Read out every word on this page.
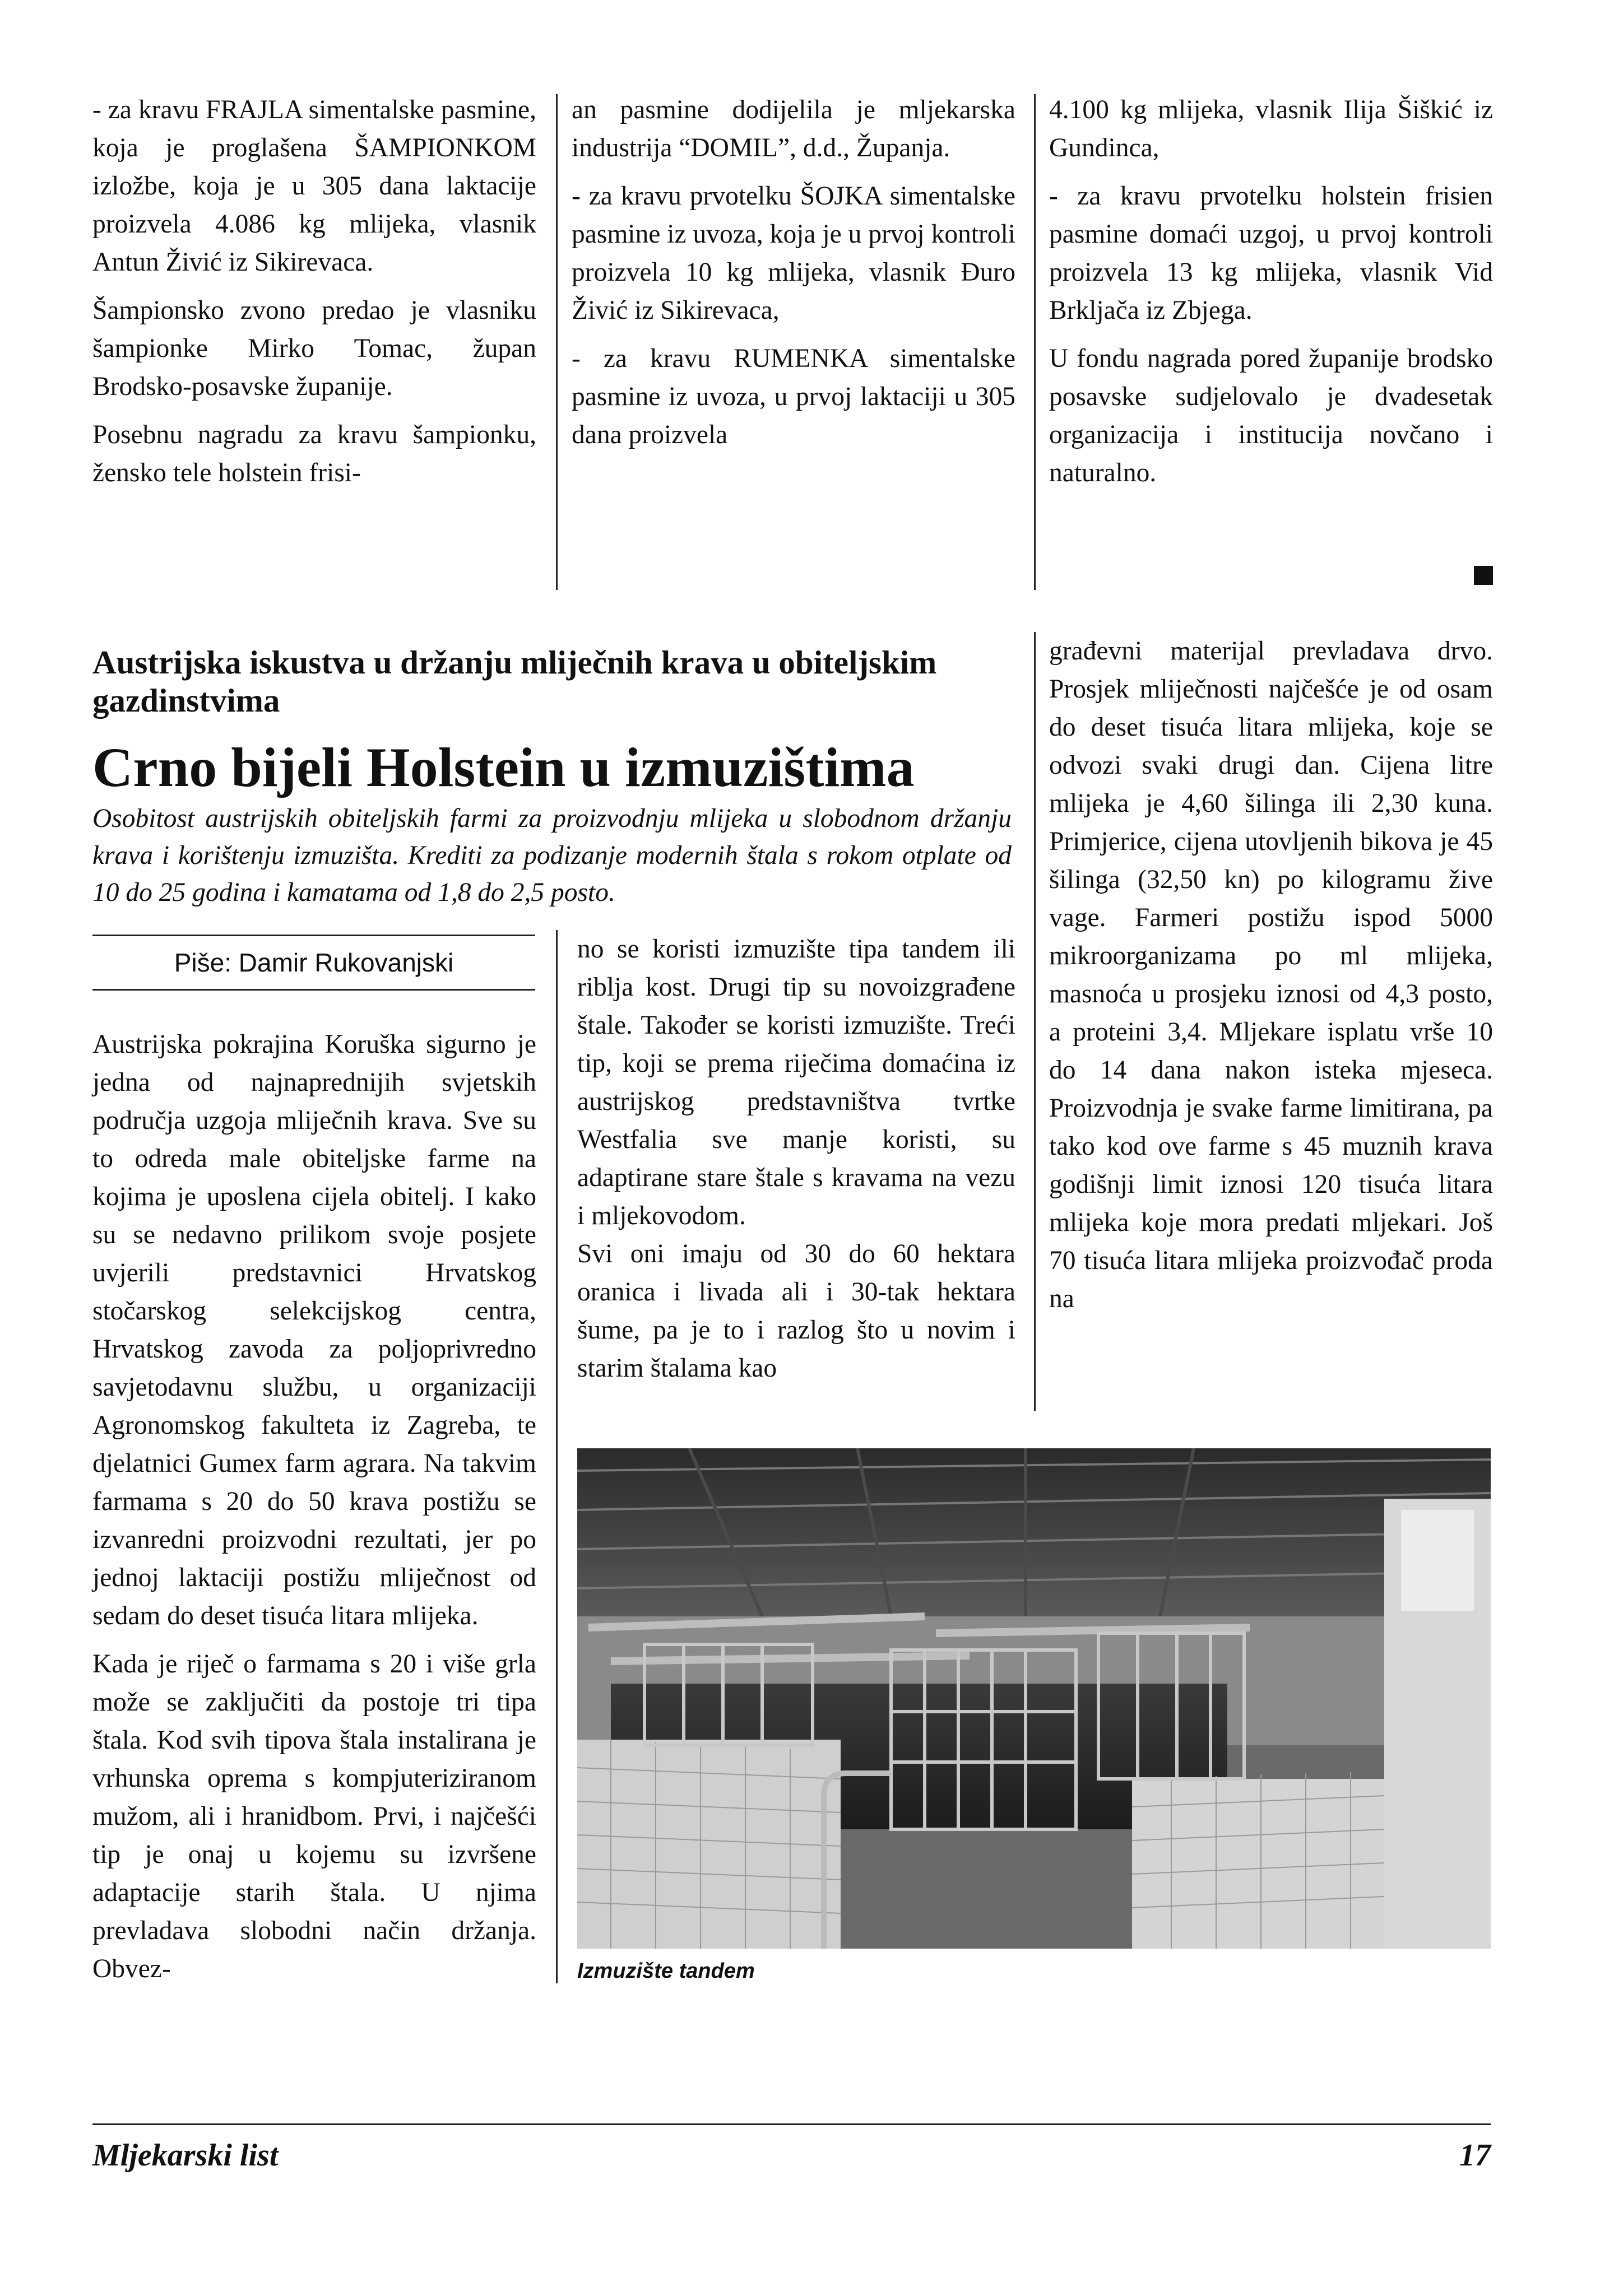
- za kravu FRAJLA simentalske pasmine, koja je proglašena ŠAMPIONKOM izložbe, koja je u 305 dana laktacije proizvela 4.086 kg mlijeka, vlasnik Antun Živić iz Sikirevaca.

Šampionsko zvono predao je vlasniku šampionke Mirko Tomac, župan Brodsko-posavske županije.

Posebnu nagradu za kravu šampionku, žensko tele holstein frisi-

an pasmine dodijelila je mljekarska industrija “DOMIL”, d.d., Županja.

- za kravu prvotelku ŠOJKA simentalske pasmine iz uvoza, koja je u prvoj kontroli proizvela 10 kg mlijeka, vlasnik Đuro Živić iz Sikirevaca,

- za kravu RUMENKA simentalske pasmine iz uvoza, u prvoj laktaciji u 305 dana proizvela

4.100 kg mlijeka, vlasnik Ilija Šiškić iz Gundinca,

- za kravu prvotelku holstein frisien pasmine domaći uzgoj, u prvoj kontroli proizvela 13 kg mlijeka, vlasnik Vid Brkljača iz Zbjega.

U fondu nagrada pored županije brodsko posavske sudjelovalo je dvadesetak organizacija i institucija novčano i naturalno.

Austrijska iskustva u držanju mliječnih krava u obiteljskim gazdinstvima
Crno bijeli Holstein u izmuzištima
Osobitost austrijskih obiteljskih farmi za proizvodnju mlijeka u slobodnom držanju krava i korištenju izmuzišta. Krediti za podizanje modernih štala s rokom otplate od 10 do 25 godina i kamatama od 1,8 do 2,5 posto.
Piše: Damir Rukovanjski

Austrijska pokrajina Koruška sigurno je jedna od najnaprednijih svjetskih područja uzgoja mliječnih krava. Sve su to odreda male obiteljske farme na kojima je uposlena cijela obitelj. I kako su se nedavno prilikom svoje posjete uvjerili predstavnici Hrvatskog stočarskog selekcijskog centra, Hrvatskog zavoda za poljoprivredno savjetodavnu službu, u organizaciji Agronomskog fakulteta iz Zagreba, te djelatnici Gumex farm agrara. Na takvim farmama s 20 do 50 krava postižu se izvanredni proizvodni rezultati, jer po jednoj laktaciji postižu mliječnost od sedam do deset tisuća litara mlijeka.

Kada je riječ o farmama s 20 i više grla može se zaključiti da postoje tri tipa štala. Kod svih tipova štala instalirana je vrhunska oprema s kompjuteriziranom mužom, ali i hranidbom. Prvi, i najčešći tip je onaj u kojemu su izvršene adaptacije starih štala. U njima prevladava slobodni način držanja. Obvez-

no se koristi izmuzište tipa tandem ili riblja kost. Drugi tip su novoizgrađene štale. Također se koristi izmuzište. Treći tip, koji se prema riječima domaćina iz austrijskog predstavništva tvrtke Westfalia sve manje koristi, su adaptirane stare štale s kravama na vezu i mljekovodom.

Svi oni imaju od 30 do 60 hektara oranica i livada ali i 30-tak hektara šume, pa je to i razlog što u novim i starim štalama kao

građevni materijal prevladava drvo. Prosjek mliječnosti najčešće je od osam do deset tisuća litara mlijeka, koje se odvozi svaki drugi dan. Cijena litre mlijeka je 4,60 šilinga ili 2,30 kuna. Primjerice, cijena utovljenih bikova je 45 šilinga (32,50 kn) po kilogramu žive vage. Farmeri postižu ispod 5000 mikroorganizama po ml mlijeka, masnoća u prosjeku iznosi od 4,3 posto, a proteini 3,4. Mljekare isplatu vrše 10 do 14 dana nakon isteka mjeseca. Proizvodnja je svake farme limitirana, pa tako kod ove farme s 45 muznih krava godišnji limit iznosi 120 tisuća litara mlijeka koje mora predati mljekari. Još 70 tisuća litara mlijeka proizvođač proda na

Izmuzište tandem
Mljekarski list	17
